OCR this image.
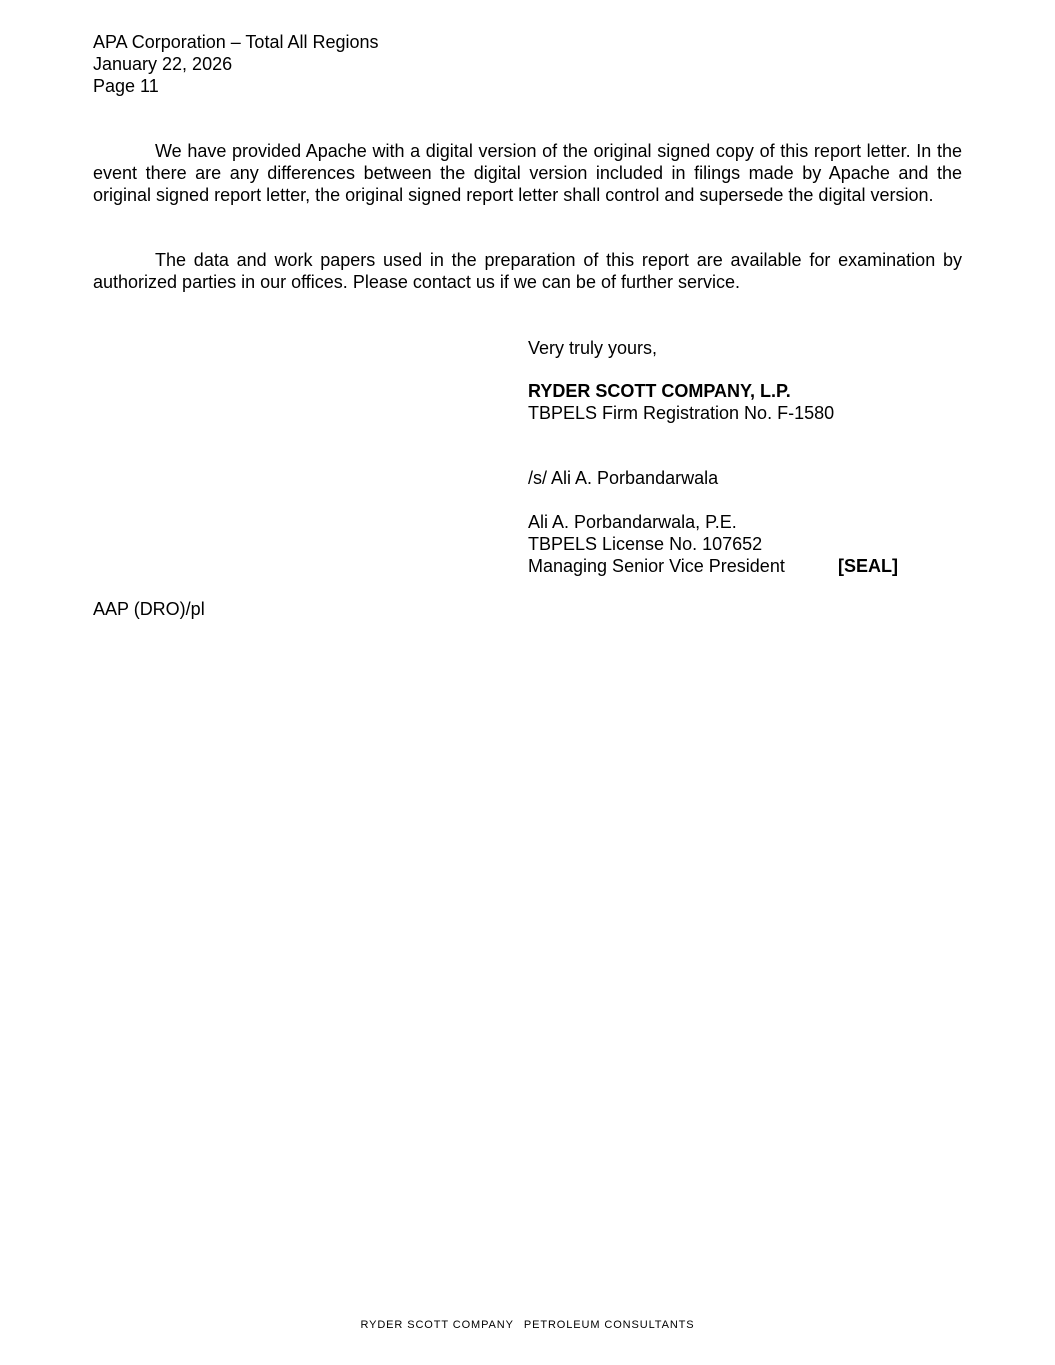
APA Corporation – Total All Regions
January 22, 2026
Page 11

We have provided Apache with a digital version of the original signed copy of this report letter. In the event there are any differences between the digital version included in filings made by Apache and the original signed report letter, the original signed report letter shall control and supersede the digital version.

The data and work papers used in the preparation of this report are available for examination by authorized parties in our offices. Please contact us if we can be of further service.

Very truly yours,
RYDER SCOTT COMPANY, L.P.
TBPELS Firm Registration No. F-1580
/s/ Ali A. Porbandarwala
Ali A. Porbandarwala, P.E.
TBPELS License No. 107652
Managing Senior Vice President	[SEAL]
AAP (DRO)/pl
RYDER SCOTT COMPANY PETROLEUM CONSULTANTS
